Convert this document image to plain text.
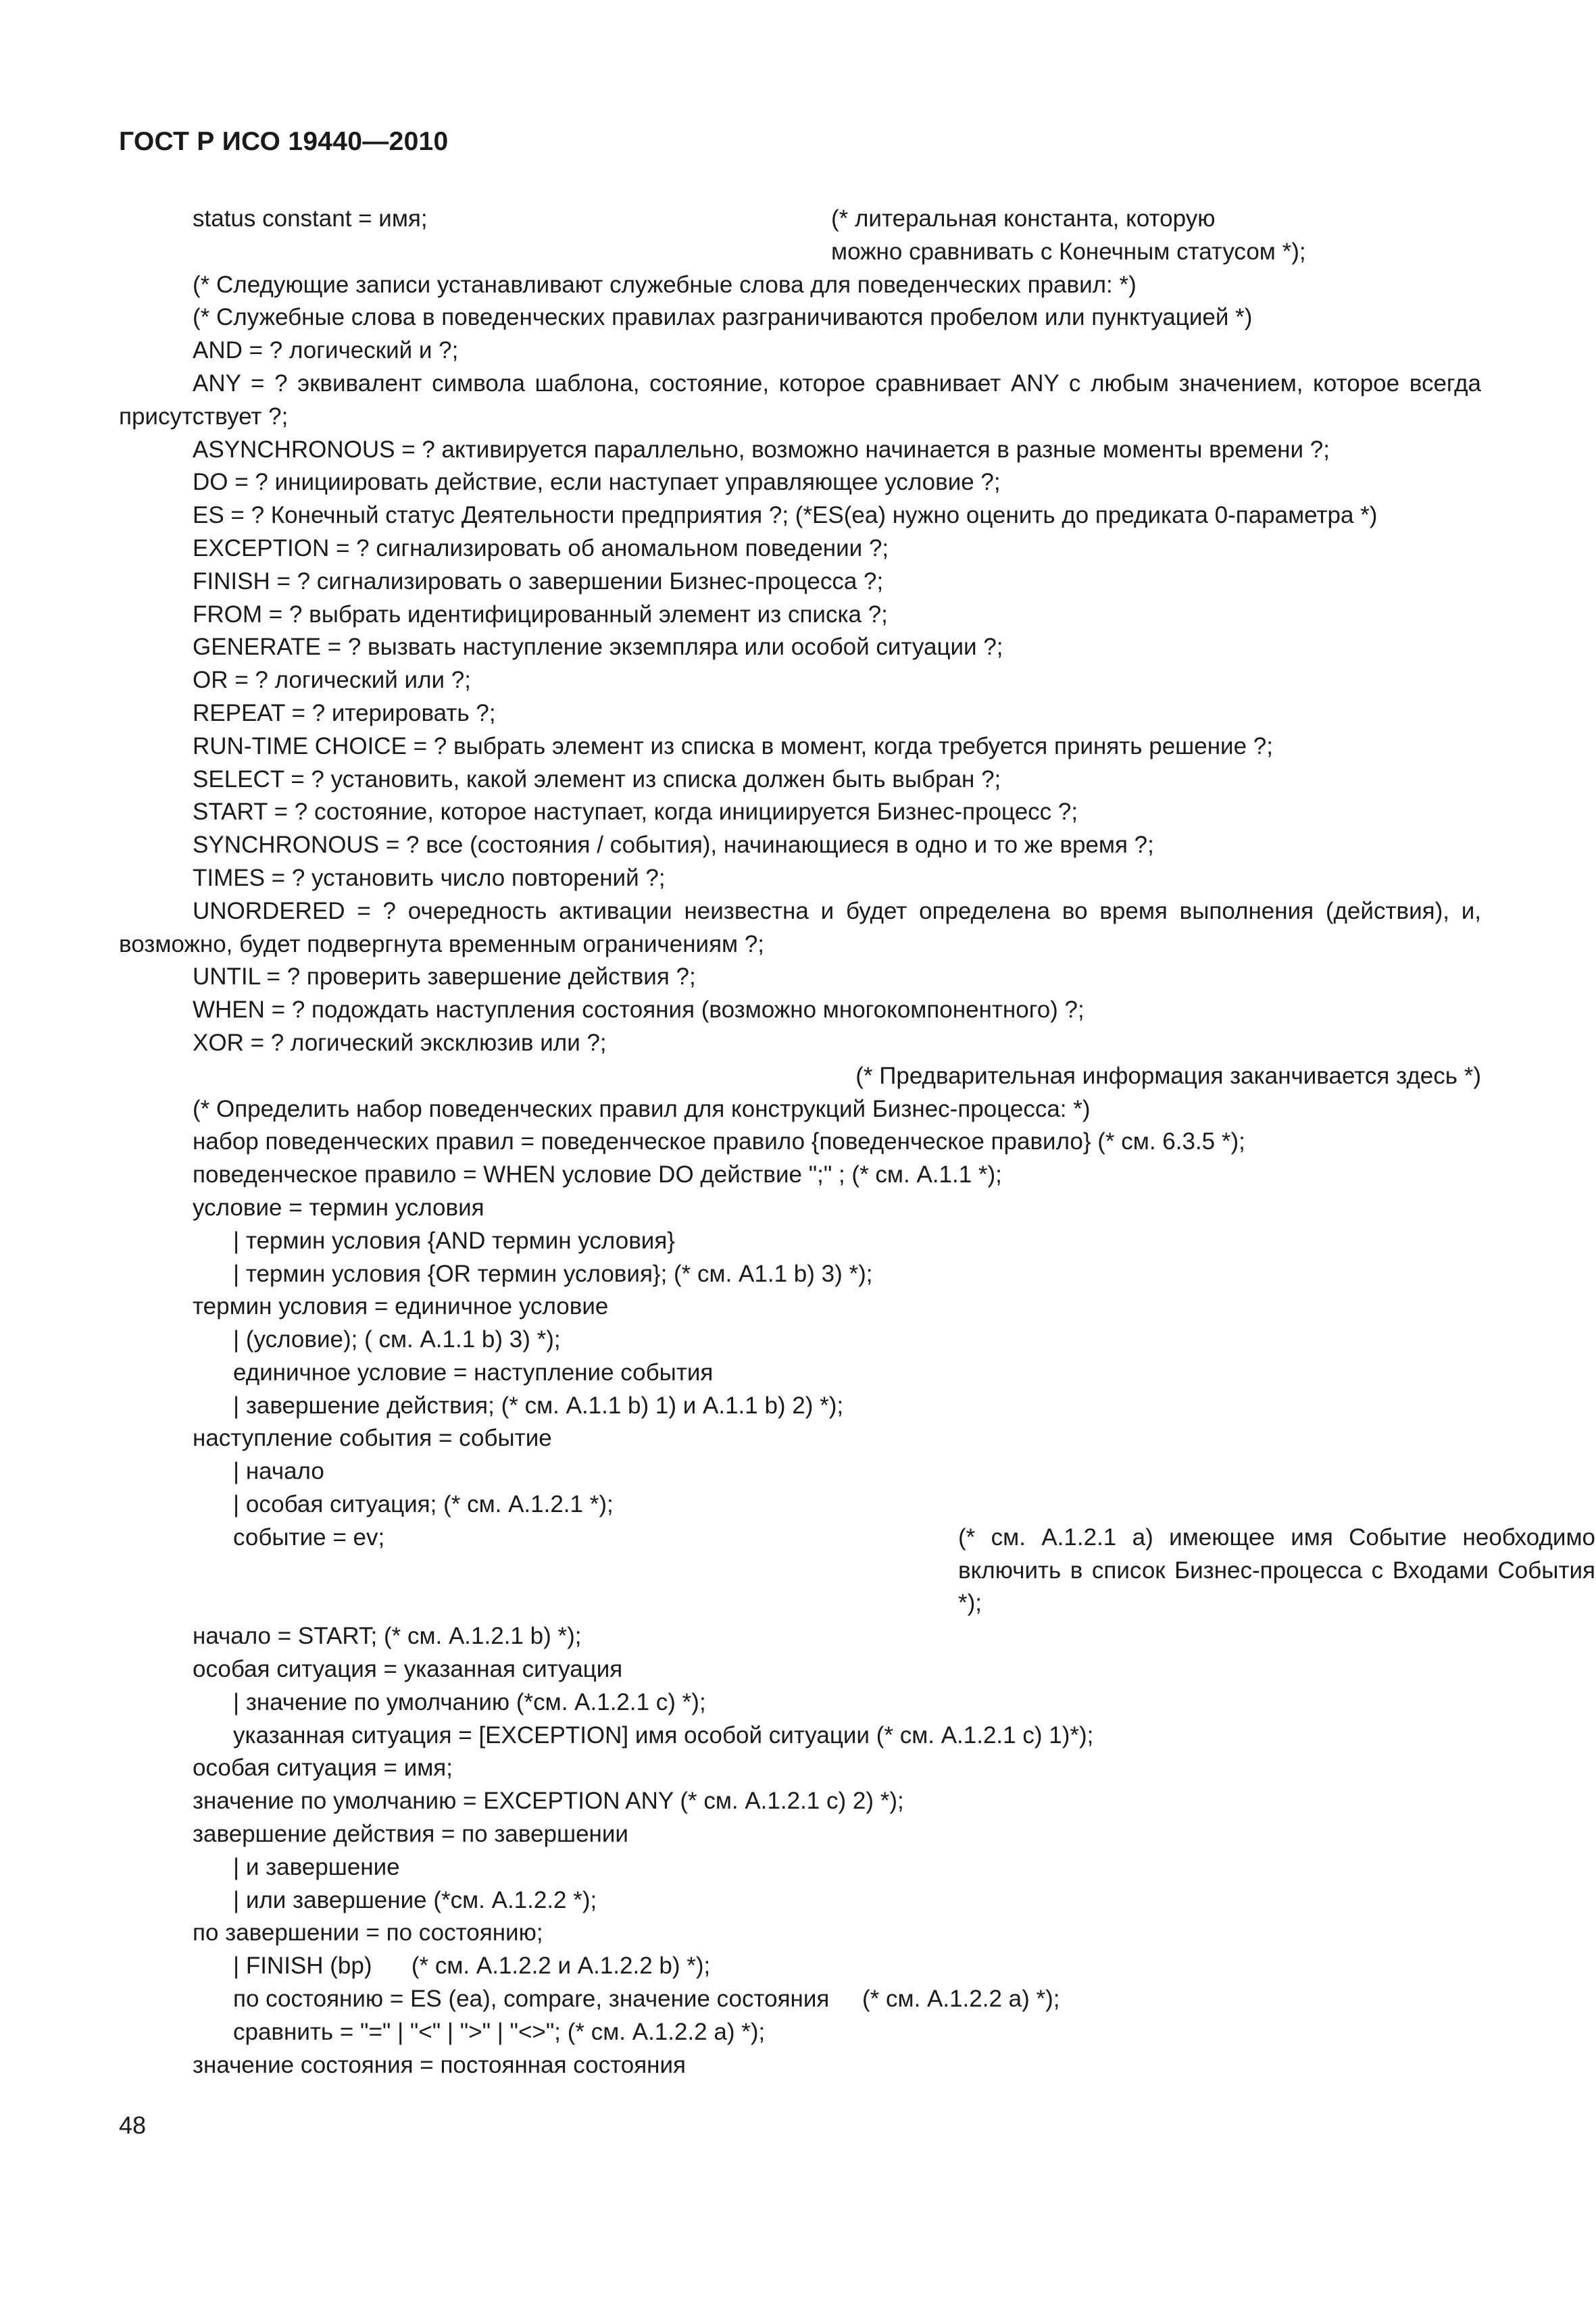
ГОСТ Р ИСО 19440—2010
status constant = имя;	(* литеральная константа, которую
можно сравнивать с Конечным статусом *);
(* Следующие записи устанавливают служебные слова для поведенческих правил: *)
(* Служебные слова в поведенческих правилах разграничиваются пробелом или пунктуацией *)
AND = ? логический и ?;
ANY = ? эквивалент символа шаблона, состояние, которое сравнивает ANY с любым значением, которое всегда присутствует ?;
ASYNCHRONOUS = ? активируется параллельно, возможно начинается в разные моменты времени ?;
DO = ? инициировать действие, если наступает управляющее условие ?;
ES = ? Конечный статус Деятельности предприятия ?; (*ES(ea) нужно оценить до предиката 0-параметра *)
EXCEPTION = ? сигнализировать об аномальном поведении ?;
FINISH = ? сигнализировать о завершении Бизнес-процесса ?;
FROM = ? выбрать идентифицированный элемент из списка ?;
GENERATE = ? вызвать наступление экземпляра или особой ситуации ?;
OR = ? логический или ?;
REPEAT = ? итерировать ?;
RUN-TIME CHOICE = ? выбрать элемент из списка в момент, когда требуется принять решение ?;
SELECT = ? установить, какой элемент из списка должен быть выбран ?;
START = ? состояние, которое наступает, когда инициируется Бизнес-процесс ?;
SYNCHRONOUS = ? все (состояния / события), начинающиеся в одно и то же время ?;
TIMES = ? установить число повторений ?;
UNORDERED = ? очередность активации неизвестна и будет определена во время выполнения (действия), и, возможно, будет подвергнута временным ограничениям ?;
UNTIL = ? проверить завершение действия ?;
WHEN = ? подождать наступления состояния (возможно многокомпонентного) ?;
XOR = ? логический эксклюзив или ?;
(* Предварительная информация заканчивается здесь *)
(* Определить набор поведенческих правил для конструкций Бизнес-процесса: *)
набор поведенческих правил = поведенческое правило {поведенческое правило} (* см. 6.3.5 *);
поведенческое правило = WHEN условие DO действие ";" ; (* см. А.1.1 *);
условие = термин условия
| термин условия {AND термин условия}
| термин условия {OR термин условия}; (* см. А1.1 b) 3) *);
термин условия = единичное условие
| (условие); ( см. А.1.1 b) 3) *);
единичное условие = наступление события
| завершение действия; (* см. А.1.1 b) 1) и А.1.1 b) 2) *);
наступление события = событие
| начало
| особая ситуация; (* см. А.1.2.1 *);
событие = ev;	(* см. А.1.2.1 a) имеющее имя Событие необходимо включить в список Бизнес-процесса с Входами События *);
начало = START; (* см. А.1.2.1 b) *);
особая ситуация = указанная ситуация
| значение по умолчанию (*см. А.1.2.1 c) *);
указанная ситуация = [EXCEPTION] имя особой ситуации (* см. А.1.2.1 c) 1)*);
особая ситуация = имя;
значение по умолчанию = EXCEPTION ANY (* см. А.1.2.1 c) 2) *);
завершение действия = по завершении
| и завершение
| или завершение (*см. А.1.2.2 *);
по завершении = по состоянию;
| FINISH (bp)      (* см. А.1.2.2 и А.1.2.2 b) *);
по состоянию = ES (ea), compare, значение состояния     (* см. А.1.2.2 a) *);
сравнить = "=" | "<" | ">" | "<>"; (* см. А.1.2.2 a) *);
значение состояния = постоянная состояния
48
